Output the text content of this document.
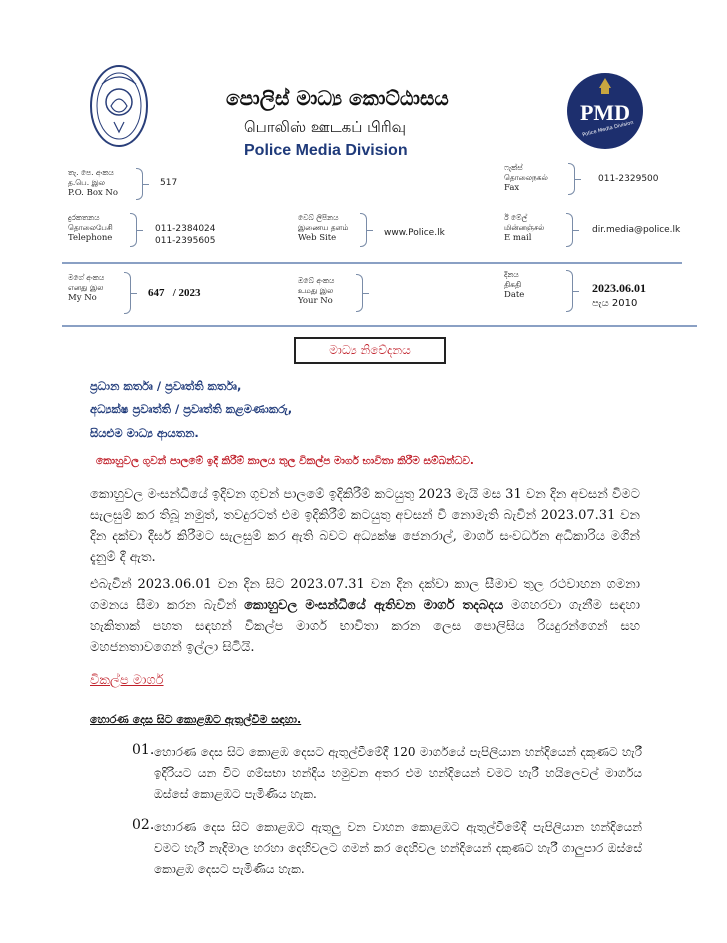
පොලිස් මාධ්‍ය කොට්ඨාසය
பொலிஸ் ஊடகப் பிரிவு
Police Media Division
PMD
Police Media Division
තැ. පෙ. අංකය
த.பெ. இல
P.O. Box No
517
ෆැක්ස්
தொலைநகல்
Fax
011-2329500
දුරකතනය
தொலைபேசி
Telephone
011-2384024
011-2395605
වෙබ් ලිපිනය
இணைய தளம்
Web Site	www.Police.lk
ඊ මේල්
மின்னஞ்சல்
E mail
dir.media@police.lk
මගේ අංකය
எனது இல
My No	647   / 2023
ඔබේ අංකය
உமது இல
Your No
දිනය
திகதி
Date	2023.06.01
පැය 2010
මාධ්‍ය නිවේදනය
ප්‍රධාන කර්තෘ / ප්‍රවෘත්ති කර්තෘ,
අධ්‍යක්ෂ ප්‍රවෘත්ති / ප්‍රවෘත්ති කළමණාකරු,
සියළුම මාධ්‍ය ආයතන.
කොහුවල ගුවන් පාලමේ ඉදි කිරීම් කාලය තුල විකල්ප මාර්ග භාවිතා කිරීම සම්බන්ධව.
කොහුවල මංසන්ධියේ ඉදිවන ගුවන් පාලමේ ඉදිකිරීම් කටයුතු 2023 මැයි මස 31 වන දින අවසන් විමට සැලසුම් කර තිබූ නමුත්, තවදුරටත් එම ඉදිකිරීම් කටයුතු අවසන් වී නොමැති බැවින් 2023.07.31 වන දින දක්වා දීර්ඝ කිරීමට සැලසුම් කර ඇති බවට අධ්‍යක්ෂ ජෙනරාල්, මාර්ග සංවර්ධන අධිකාරිය මගින් දැනුම් දී ඇත.
එබැවින් 2023.06.01 වන දින සිට 2023.07.31 වන දින දක්වා කාල සීමාව තුල රථවාහන ගමනා ගමනය සීමා කරන බැවින් කොහුවල මංසන්ධියේ ඇතිවන මාර්ග තදබදය මගහරවා ගැනීම සඳහා හැකිතාක් පහත සඳහන් විකල්ප මාර්ග භාවිතා කරන ලෙස පොලිසිය රියදුරන්ගෙන් සහ මහජනතාවගෙන් ඉල්ලා සිටියි.
විකල්ප මාර්ග
හොරණ දෙස සිට කොළඹට ඇතුල්වීම සඳහා.
01. හොරණ දෙස සිට කොළඹ දෙසට ඇතුල්වීමේදී 120 මාර්ගයේ පැපිලියාන හන්දියෙන් දකුණට හැරී ඉදිරියට යන විට ගම්සභා හන්දිය හමුවන අතර එම හන්දියෙන් වමට හැරී හයිලෙවල් මාර්ගය ඔස්සේ කොළඹට පැමිණිය හැක.
02. හොරණ දෙස සිට කොළඹට ඇතුලු වන වාහන කොළඹට ඇතුල්වීමේදී පැපිලියාන හන්දියෙන් වමට හැරී නැදිමාල හරහා දෙහිවලට ගමන් කර දෙහිවල හන්දියෙන් දකුණට හැරී ගාලුපාර ඔස්සේ කොළඹ දෙසට පැමිණිය හැක.
